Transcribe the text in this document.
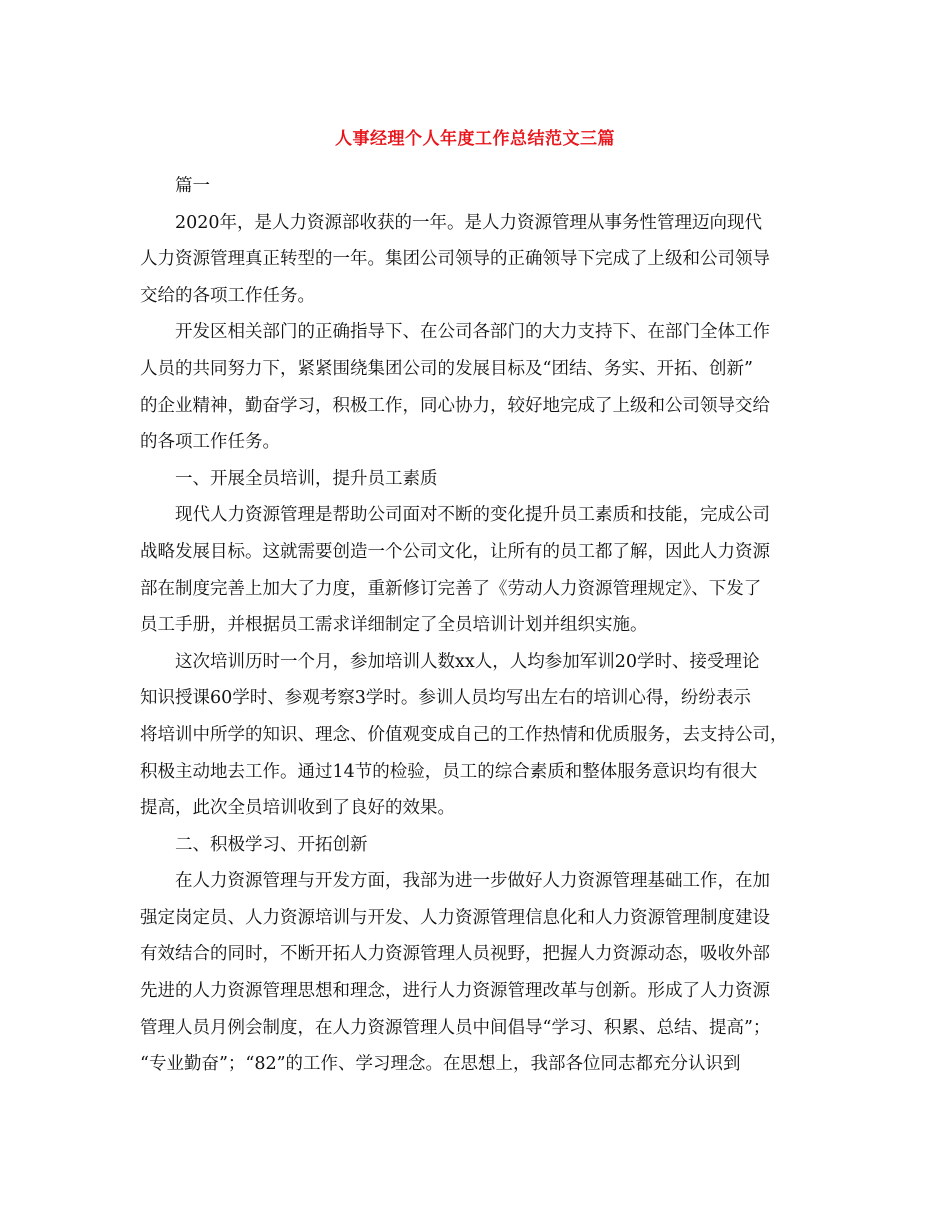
人事经理个人年度工作总结范文三篇
篇一
2020年，是人力资源部收获的一年。是人力资源管理从事务性管理迈向现代
人力资源管理真正转型的一年。集团公司领导的正确领导下完成了上级和公司领导
交给的各项工作任务。
开发区相关部门的正确指导下、在公司各部门的大力支持下、在部门全体工作
人员的共同努力下，紧紧围绕集团公司的发展目标及“团结、务实、开拓、创新”
的企业精神，勤奋学习，积极工作，同心协力，较好地完成了上级和公司领导交给
的各项工作任务。
一、开展全员培训，提升员工素质
现代人力资源管理是帮助公司面对不断的变化提升员工素质和技能，完成公司
战略发展目标。这就需要创造一个公司文化，让所有的员工都了解，因此人力资源
部在制度完善上加大了力度，重新修订完善了《劳动人力资源管理规定》、下发了
员工手册，并根据员工需求详细制定了全员培训计划并组织实施。
这次培训历时一个月，参加培训人数xx人，人均参加军训20学时、接受理论
知识授课60学时、参观考察3学时。参训人员均写出左右的培训心得，纷纷表示
将培训中所学的知识、理念、价值观变成自己的工作热情和优质服务，去支持公司，
积极主动地去工作。通过14节的检验，员工的综合素质和整体服务意识均有很大
提高，此次全员培训收到了良好的效果。
二、积极学习、开拓创新
在人力资源管理与开发方面，我部为进一步做好人力资源管理基础工作，在加
强定岗定员、人力资源培训与开发、人力资源管理信息化和人力资源管理制度建设
有效结合的同时，不断开拓人力资源管理人员视野，把握人力资源动态，吸收外部
先进的人力资源管理思想和理念，进行人力资源管理改革与创新。形成了人力资源
管理人员月例会制度，在人力资源管理人员中间倡导“学习、积累、总结、提高”；
“专业勤奋”；“82”的工作、学习理念。在思想上，我部各位同志都充分认识到
